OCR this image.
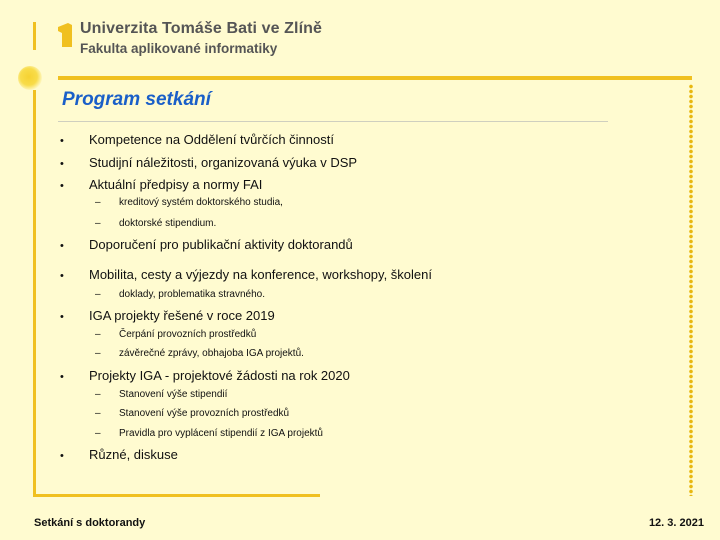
Univerzita Tomáše Bati ve Zlíně
Fakulta aplikované informatiky
Program setkání
• Kompetence na Oddělení tvůrčích činností
• Studijní náležitosti, organizovaná výuka v DSP
• Aktuální předpisy a normy FAI
– kreditový systém doktorského studia,
– doktorské stipendium.
• Doporučení pro publikační aktivity doktorandů
• Mobilita, cesty a výjezdy na konference, workshopy, školení
– doklady, problematika stravného.
• IGA projekty řešené v roce 2019
– Čerpání provozních prostředků
– závěrečné zprávy, obhajoba IGA projektů.
• Projekty IGA - projektové žádosti na rok 2020
– Stanovení výše stipendií
– Stanovení výše provozních prostředků
– Pravidla pro vyplácení stipendií z IGA projektů
• Různé, diskuse
Setkání s doktorandy	12. 3. 2021
